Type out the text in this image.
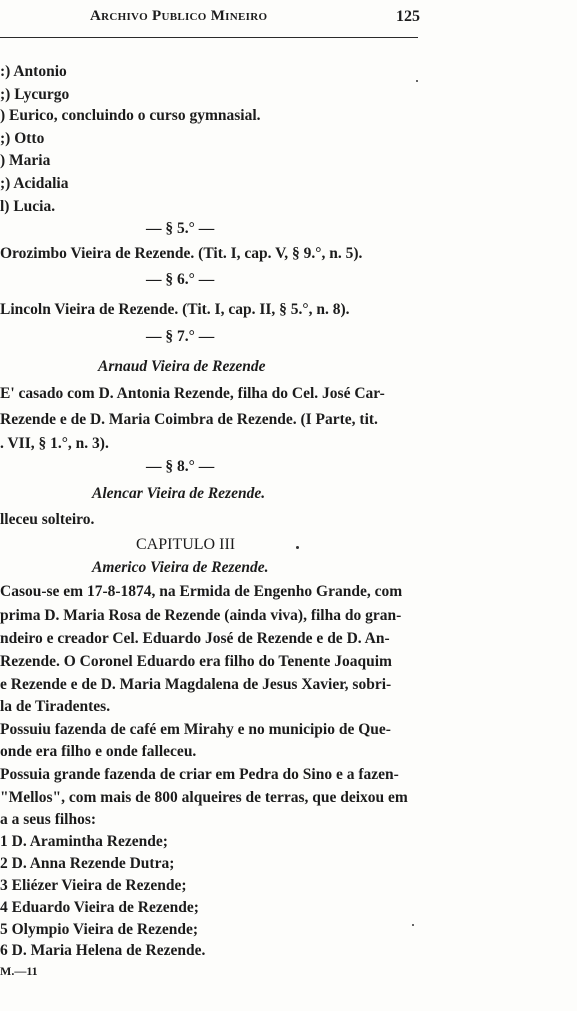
Archivo Publico Mineiro	125
:) Antonio
;) Lycurgo
) Eurico, concluindo o curso gymnasial.
;) Otto
) Maria
;) Acidalia
l) Lucia.
— § 5.° —
Orozimbo Vieira de Rezende. (Tit. I, cap. V, § 9.°, n. 5).
— § 6.° —
Lincoln Vieira de Rezende. (Tit. I, cap. II, § 5.°, n. 8).
— § 7.° —
Arnaud Vieira de Rezende
E' casado com D. Antonia Rezende, filha do Cel. José Car-
Rezende e de D. Maria Coimbra de Rezende. (I Parte, tit.
. VII, § 1.°, n. 3).
— § 8.° —
Alencar Vieira de Rezende.
lleceu solteiro.
CAPITULO III
Americo Vieira de Rezende.
Casou-se em 17-8-1874, na Ermida de Engenho Grande, com
prima D. Maria Rosa de Rezende (ainda viva), filha do gran-
ndeiro e creador Cel. Eduardo José de Rezende e de D. An-
Rezende. O Coronel Eduardo era filho do Tenente Joaquim
e Rezende e de D. Maria Magdalena de Jesus Xavier, sobri-
la de Tiradentes.
Possuiu fazenda de café em Mirahy e no municipio de Que-
onde era filho e onde falleceu.
Possuia grande fazenda de criar em Pedra do Sino e a fazen-
"Mellos", com mais de 800 alqueires de terras, que deixou em
a a seus filhos:
1 D. Aramintha Rezende;
2 D. Anna Rezende Dutra;
3 Eliézer Vieira de Rezende;
4 Eduardo Vieira de Rezende;
5 Olympio Vieira de Rezende;
6 D. Maria Helena de Rezende.
M.—11
